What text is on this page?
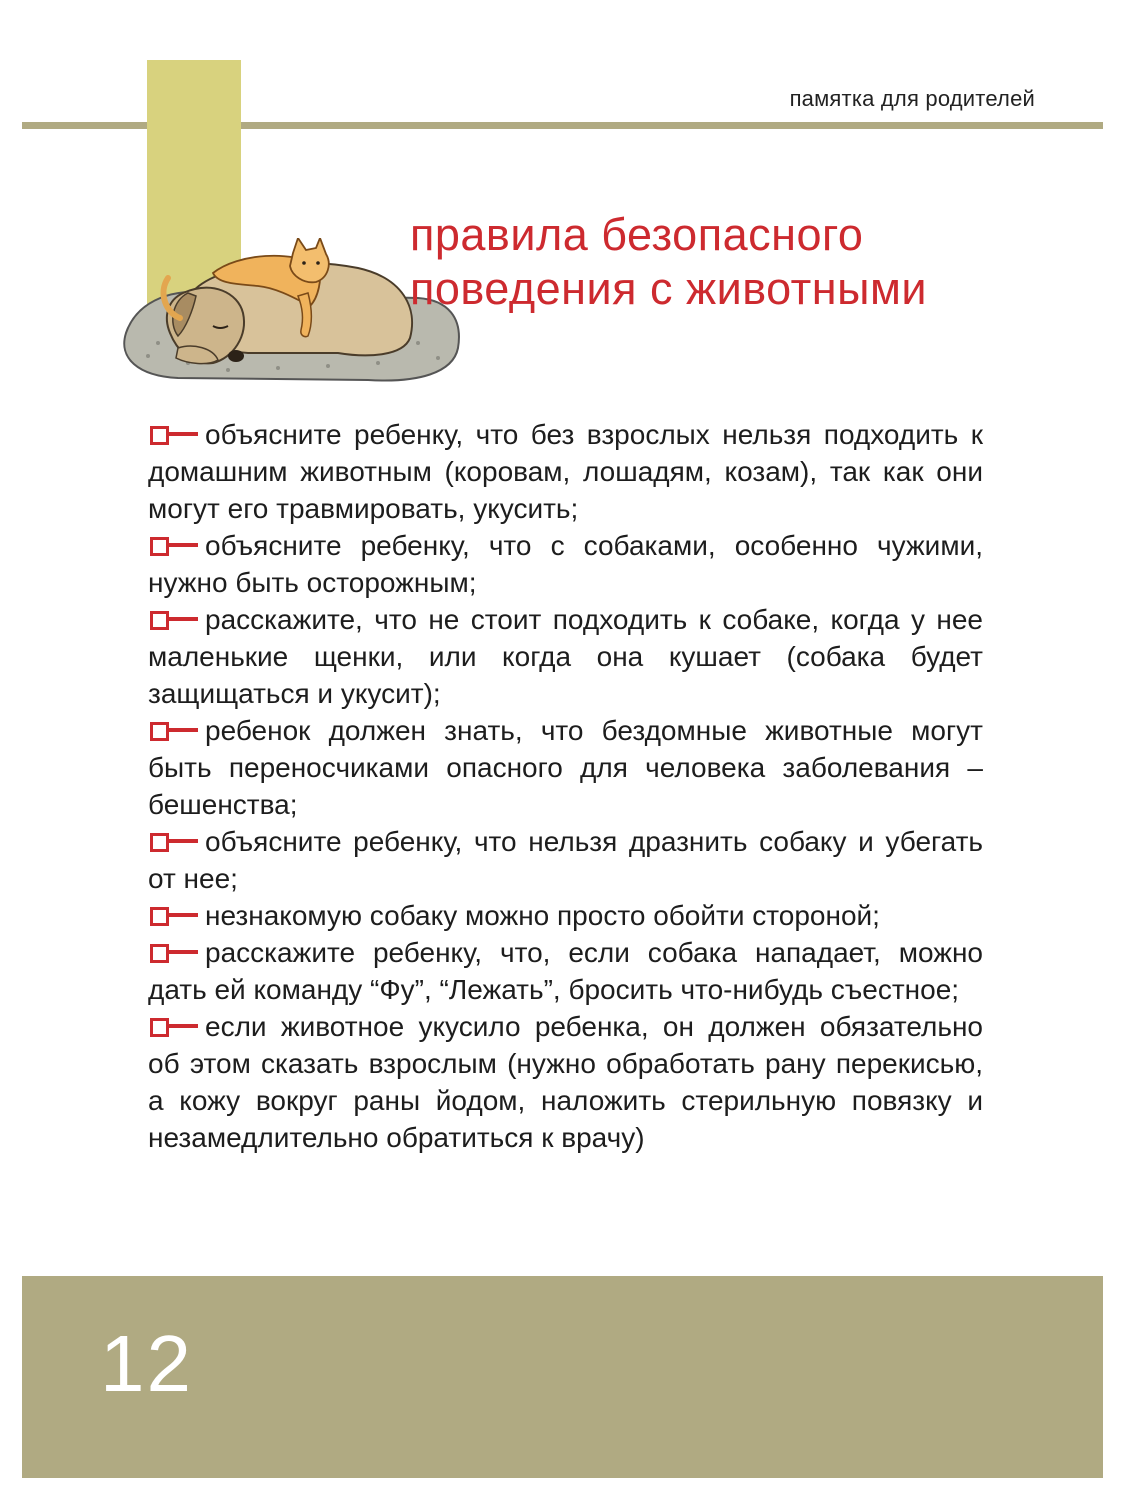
памятка для родителей
правила безопасного
поведения с животными
объясните ребенку, что без взрослых нельзя подходить к домашним животным (коровам, лошадям, козам), так как они могут его травмировать, укусить;
объясните ребенку, что с собаками, особенно чужими, нужно быть осторожным;
расскажите, что не стоит подходить к собаке, когда у нее маленькие щенки, или когда она кушает (собака будет защищаться и укусит);
ребенок должен знать, что бездомные животные могут быть переносчиками опасного для человека заболевания – бешенства;
объясните ребенку, что нельзя дразнить собаку и убегать от нее;
незнакомую собаку можно просто обойти стороной;
расскажите ребенку, что, если собака нападает, можно дать ей команду “Фу”, “Лежать”, бросить что-нибудь съестное;
если животное укусило ребенка, он должен обязательно об этом сказать взрослым (нужно обработать рану перекисью, а кожу вокруг раны йодом, наложить стерильную повязку и незамедлительно обратиться к врачу)
12
